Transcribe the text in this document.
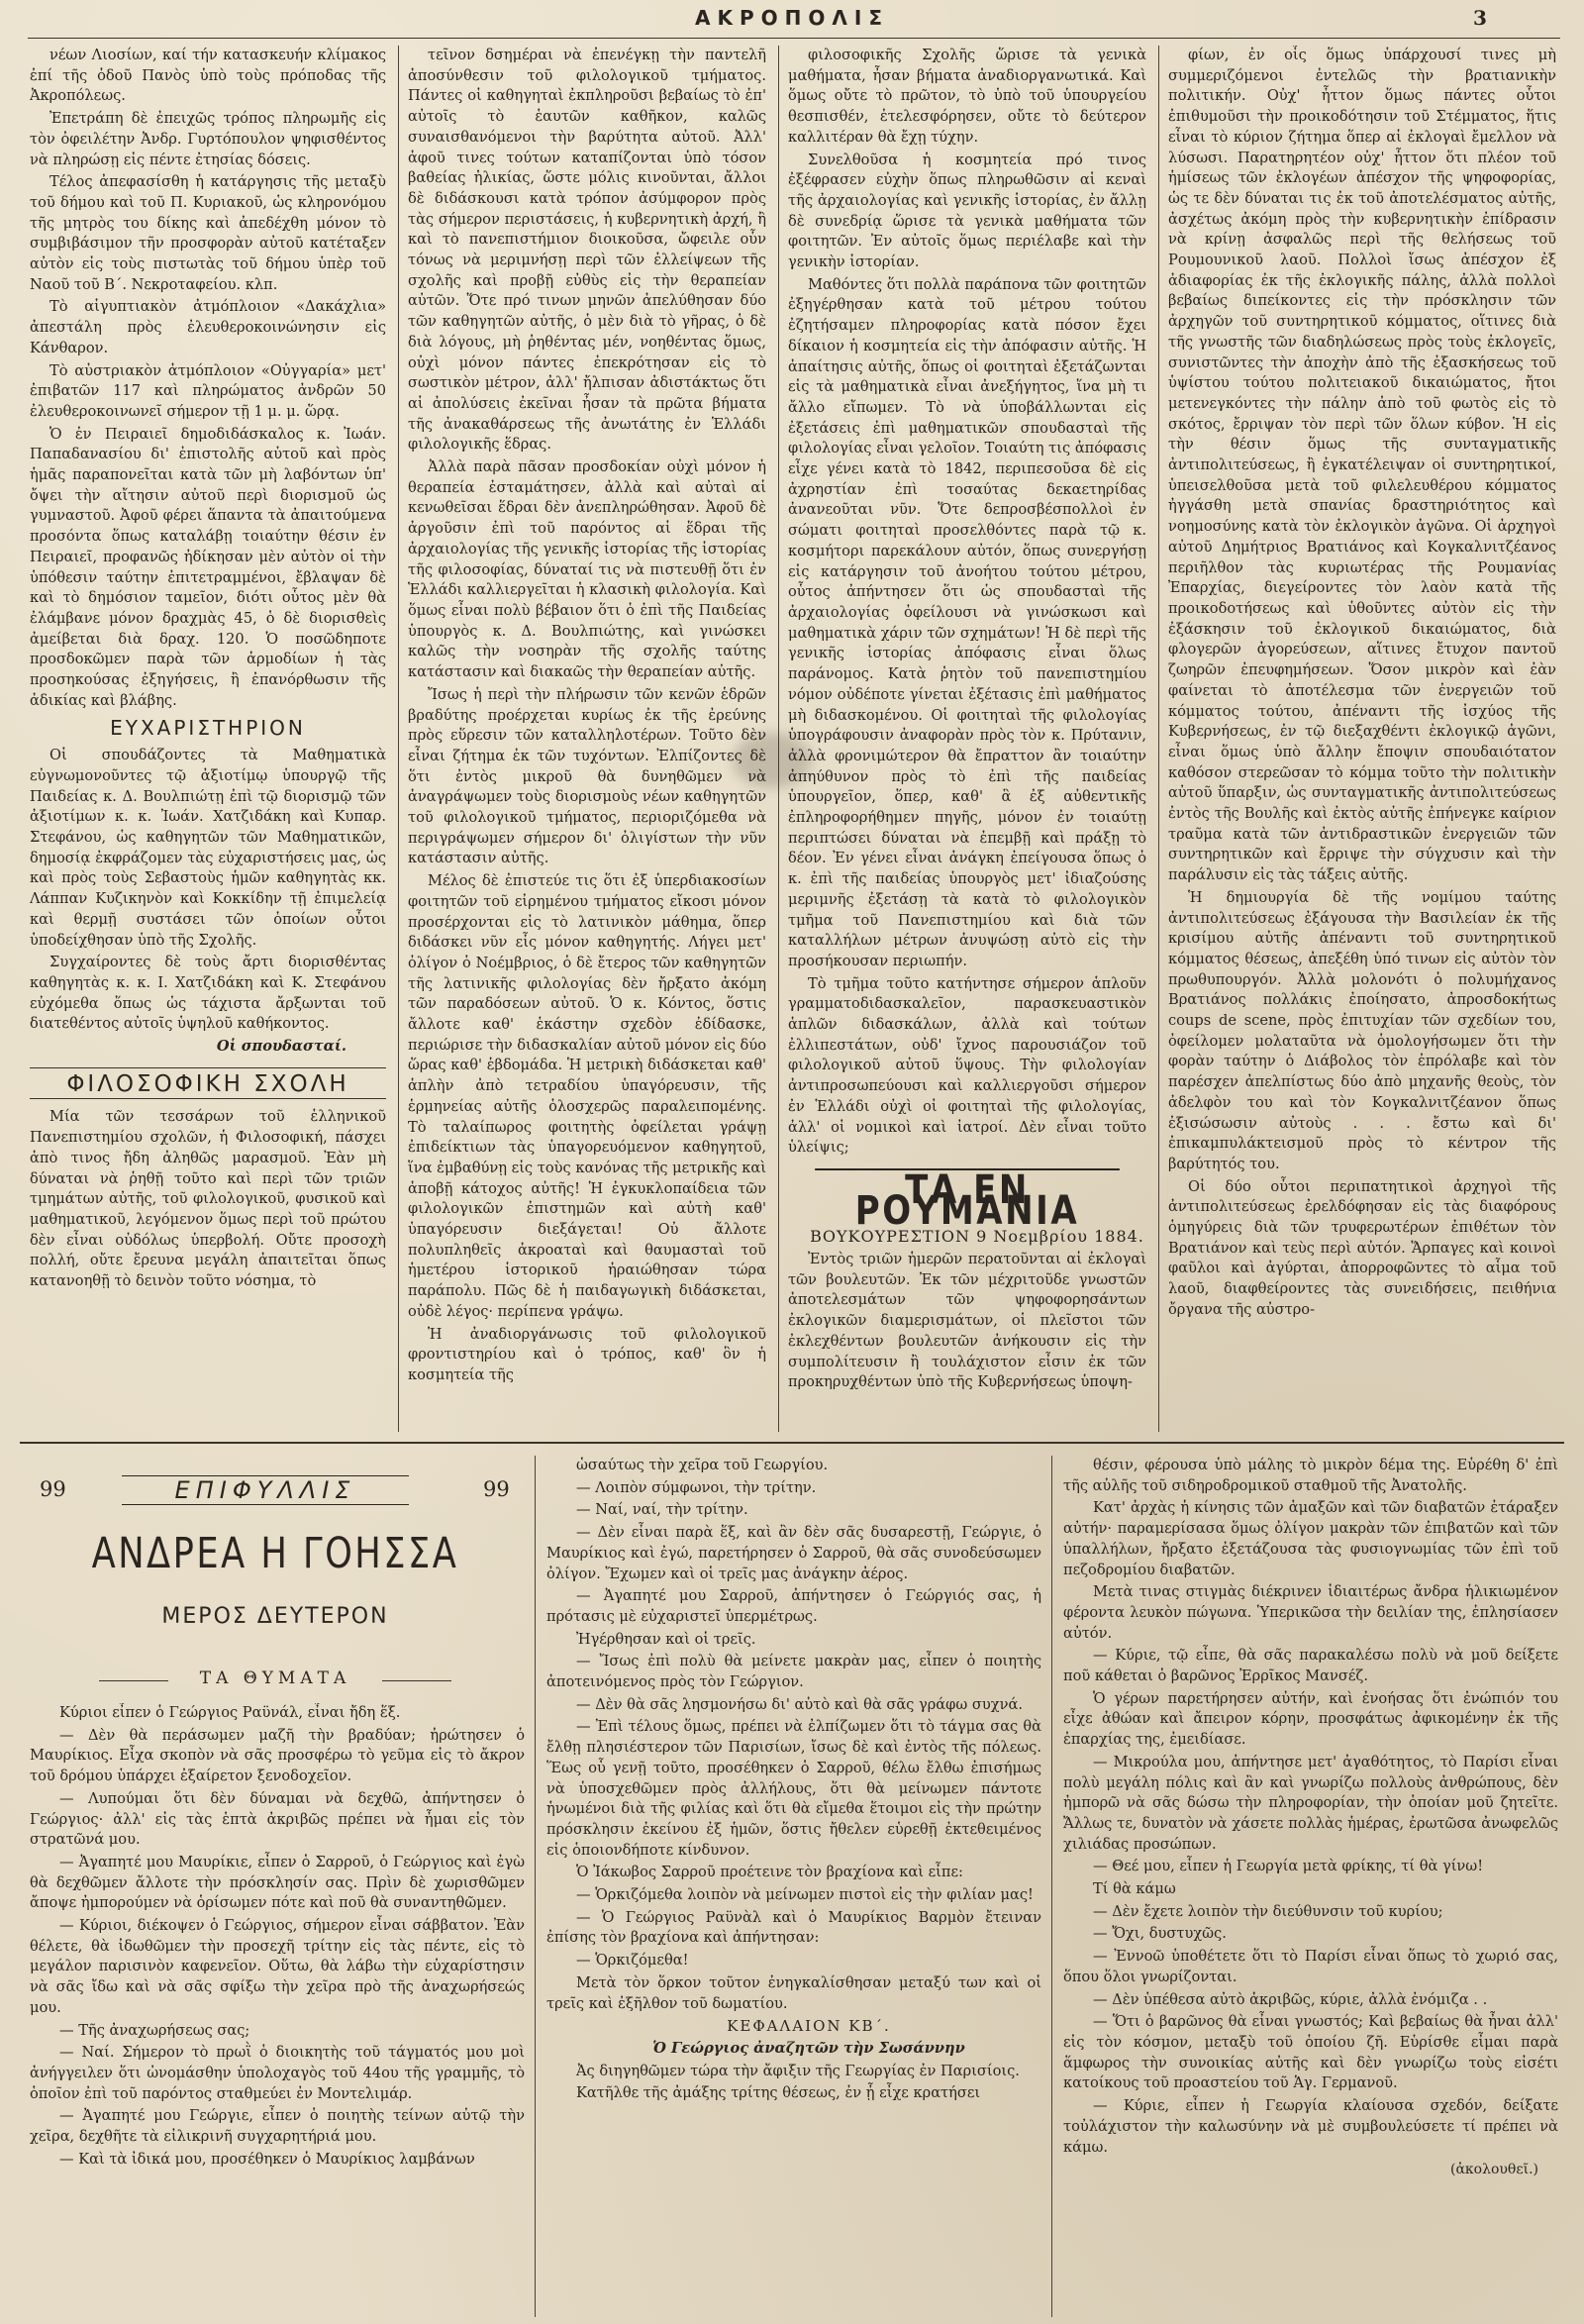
ΑΚΡΟΠΟΛΙΣ	3

νέων Λιοσίων, καί τήν κατασκευήν κλίμακος ἐπί τῆς ὁδοῦ Πανὸς ὑπὸ τοὺς πρόποδας τῆς Ἀκροπόλεως.

Ἐπετράπη δὲ ἐπειχῶς τρόπος πληρωμῆς εἰς τὸν ὀφειλέτην Ἀνδρ. Γυρτόπουλον ψηφισθέντος νὰ πληρώσῃ εἰς πέντε ἐτησίας δόσεις.

Τέλος ἀπεφασίσθη ἡ κατάργησις τῆς μεταξὺ τοῦ δήμου καὶ τοῦ Π. Κυριακοῦ, ὡς κληρονόμου τῆς μητρὸς του δίκης καὶ ἀπεδέχθη μόνον τὸ συμβιβάσιμον τῆν προσφορὰν αὐτοῦ κατέταξεν αὐτὸν εἰς τοὺς πιστωτὰς τοῦ δήμου ὑπὲρ τοῦ Ναοῦ τοῦ Β΄. Νεκροταφείου. κλπ.

Τὸ αἰγυπτιακὸν ἀτμόπλοιον «Δακάχλια» ἀπεστάλη πρὸς ἐλευθεροκοινώνησιν εἰς Κάνθαρον.

Τὸ αὐστριακὸν ἀτμόπλοιον «Οὐγγαρία» μετ' ἐπιβατῶν 117 καὶ πληρώματος ἀνδρῶν 50 ἐλευθεροκοινωνεῖ σήμερον τῇ 1 μ. μ. ὥρᾳ.

Ὁ ἐν Πειραιεῖ δημοδιδάσκαλος κ. Ἰωάν. Παπαδανασίου δι' ἐπιστολῆς αὐτοῦ καὶ πρὸς ἡμᾶς παραπονεῖται κατὰ τῶν μὴ λαβόντων ὑπ' ὄψει τὴν αἴτησιν αὐτοῦ περὶ διορισμοῦ ὡς γυμναστοῦ. Ἀφοῦ φέρει ἅπαντα τὰ ἀπαιτούμενα προσόντα ὅπως καταλάβῃ τοιαύτην θέσιν ἐν Πειραιεῖ, προφανῶς ἠδίκησαν μὲν αὐτὸν οἱ τὴν ὑπόθεσιν ταύτην ἐπιτετραμμένοι, ἔβλαψαν δὲ καὶ τὸ δημόσιον ταμεῖον, διότι οὗτος μὲν θὰ ἐλάμβανε μόνον δραχμὰς 45, ὁ δὲ διορισθεὶς ἀμείβεται διὰ δραχ. 120. Ὁ ποσῶδηποτε προσδοκῶμεν παρὰ τῶν ἁρμοδίων ἡ τὰς προσηκούσας ἐξηγήσεις, ἢ ἐπανόρθωσιν τῆς ἀδικίας καὶ βλάβης.

ΕΥΧΑΡΙΣΤΗΡΙΟΝ

Οἱ σπουδάζοντες τὰ Μαθηματικὰ εὐγνωμονοῦντες τῷ ἀξιοτίμῳ ὑπουργῷ τῆς Παιδείας κ. Δ. Βουλπιώτῃ ἐπὶ τῷ διορισμῷ τῶν ἀξιοτίμων κ. κ. Ἰωάν. Χατζιδάκη καὶ Κυπαρ. Στεφάνου, ὡς καθηγητῶν τῶν Μαθηματικῶν, δημοσίᾳ ἐκφράζομεν τὰς εὐχαριστήσεις μας, ὡς καὶ πρὸς τοὺς Σεβαστοὺς ἡμῶν καθηγητὰς κκ. Λάππαν Κυζικηνὸν καὶ Κοκκίδην τῇ ἐπιμελείᾳ καὶ θερμῇ συστάσει τῶν ὁποίων οὗτοι ὑποδείχθησαν ὑπὸ τῆς Σχολῆς.

Συγχαίροντες δὲ τοὺς ἄρτι διορισθέντας καθηγητὰς κ. κ. Ι. Χατζιδάκη καὶ Κ. Στεφάνου εὐχόμεθα ὅπως ὡς τάχιστα ἄρξωνται τοῦ διατεθέντος αὐτοῖς ὑψηλοῦ καθήκοντος.

Οἱ σπουδασταί.

ΦΙΛΟΣΟΦΙΚΗ ΣΧΟΛΗ

Μία τῶν τεσσάρων τοῦ ἑλληνικοῦ Πανεπιστημίου σχολῶν, ἡ Φιλοσοφική, πάσχει ἀπὸ τινος ἤδη ἀληθῶς μαρασμοῦ. Ἐὰν μὴ δύναται νὰ ῥηθῇ τοῦτο καὶ περὶ τῶν τριῶν τμημάτων αὐτῆς, τοῦ φιλολογικοῦ, φυσικοῦ καὶ μαθηματικοῦ, λεγόμενον ὅμως περὶ τοῦ πρώτου δὲν εἶναι οὐδόλως ὑπερβολή. Οὔτε προσοχὴ πολλή, οὔτε ἔρευνα μεγάλη ἀπαιτεῖται ὅπως κατανοηθῇ τὸ δεινὸν τοῦτο νόσημα, τὸ

τεῖνον δσημέραι νὰ ἐπενέγκῃ τὴν παντελῆ ἀποσύνθεσιν τοῦ φιλολογικοῦ τμήματος. Πάντες οἱ καθηγηταὶ ἐκπληροῦσι βεβαίως τὸ ἐπ' αὐτοῖς τὸ ἑαυτῶν καθῆκον, καλῶς συναισθανόμενοι τὴν βαρύτητα αὐτοῦ. Ἀλλ' ἀφοῦ τινες τούτων καταπίζονται ὑπὸ τόσον βαθείας ἡλικίας, ὥστε μόλις κινοῦνται, ἄλλοι δὲ διδάσκουσι κατὰ τρόπον ἀσύμφορον πρὸς τὰς σήμερον περιστάσεις, ἡ κυβερνητικὴ ἀρχή, ἢ καὶ τὸ πανεπιστήμιον διοικοῦσα, ὤφειλε οὗν τόνως νὰ μεριμνήσῃ περὶ τῶν ἐλλείψεων τῆς σχολῆς καὶ προβῇ εὐθὺς εἰς τὴν θεραπείαν αὐτῶν. Ὅτε πρό τινων μηνῶν ἀπελύθησαν δύο τῶν καθηγητῶν αὐτῆς, ὁ μὲν διὰ τὸ γῆρας, ὁ δὲ διὰ λόγους, μὴ ῥηθέντας μέν, νοηθέντας ὅμως, οὐχὶ μόνον πάντες ἐπεκρότησαν εἰς τὸ σωστικὸν μέτρον, ἀλλ' ἤλπισαν ἀδιστάκτως ὅτι αἱ ἀπολύσεις ἐκεῖναι ἦσαν τὰ πρῶτα βήματα τῆς ἀνακαθάρσεως τῆς ἀνωτάτης ἐν Ἑλλάδι φιλολογικῆς ἕδρας.

Ἀλλὰ παρὰ πᾶσαν προσδοκίαν οὐχὶ μόνον ἡ θεραπεία ἐσταμάτησεν, ἀλλὰ καὶ αὐταὶ αἱ κενωθεῖσαι ἕδραι δὲν ἀνεπληρώθησαν. Ἀφοῦ δὲ ἀργοῦσιν ἐπὶ τοῦ παρόντος αἱ ἕδραι τῆς ἀρχαιολογίας τῆς γενικῆς ἱστορίας τῆς ἱστορίας τῆς φιλοσοφίας, δύναταί τις νὰ πιστευθῇ ὅτι ἐν Ἑλλάδι καλλιεργεῖται ἡ κλασικὴ φιλολογία. Καὶ ὅμως εἶναι πολὺ βέβαιον ὅτι ὁ ἐπὶ τῆς Παιδείας ὑπουργὸς κ. Δ. Βουλπιώτης, καὶ γινώσκει καλῶς τὴν νοσηρὰν τῆς σχολῆς ταύτης κατάστασιν καὶ διακαῶς τὴν θεραπείαν αὐτῆς.

Ἴσως ἡ περὶ τὴν πλήρωσιν τῶν κενῶν ἑδρῶν βραδύτης προέρχεται κυρίως ἐκ τῆς ἐρεύνης πρὸς εὕρεσιν τῶν καταλληλοτέρων. Τοῦτο δὲν εἶναι ζήτημα ἐκ τῶν τυχόντων. Ἐλπίζοντες δὲ ὅτι ἐντὸς μικροῦ θὰ δυνηθῶμεν νὰ ἀναγράψωμεν τοὺς διορισμοὺς νέων καθηγητῶν τοῦ φιλολογικοῦ τμήματος, περιοριζόμεθα νὰ περιγράψωμεν σήμερον δι' ὀλιγίστων τὴν νῦν κατάστασιν αὐτῆς.

Μέλος δὲ ἐπιστεύε τις ὅτι ἐξ ὑπερδιακοσίων φοιτητῶν τοῦ εἰρημένου τμήματος εἴκοσι μόνον προσέρχονται εἰς τὸ λατινικὸν μάθημα, ὅπερ διδάσκει νῦν εἷς μόνον καθηγητής. Λήγει μετ' ὀλίγον ὁ Νοέμβριος, ὁ δὲ ἔτερος τῶν καθηγητῶν τῆς λατινικῆς φιλολογίας δὲν ἤρξατο ἀκόμη τῶν παραδόσεων αὐτοῦ. Ὁ κ. Κόντος, ὅστις ἄλλοτε καθ' ἑκάστην σχεδὸν ἐδίδασκε, περιώρισε τὴν διδασκαλίαν αὐτοῦ μόνον εἰς δύο ὥρας καθ' ἑβδομάδα. Ἡ μετρικὴ διδάσκεται καθ' ἁπλὴν ἀπὸ τετραδίου ὑπαγόρευσιν, τῆς ἑρμηνείας αὐτῆς ὁλοσχερῶς παραλειπομένης. Τὸ ταλαίπωρος φοιτητὴς ὀφείλεται γράψῃ ἐπιδείκτιων τὰς ὑπαγορευόμενον καθηγητοῦ, ἵνα ἐμβαθύνῃ εἰς τοὺς κανόνας τῆς μετρικῆς καὶ ἀποβῇ κάτοχος αὐτῆς! Ἡ ἐγκυκλοπαίδεια τῶν φιλολογικῶν ἐπιστημῶν καὶ αὐτὴ καθ' ὑπαγόρευσιν διεξάγεται! Οὐ ἄλλοτε πολυπληθεῖς ἀκροαταὶ καὶ θαυμασταὶ τοῦ ἡμετέρου ἱστορικοῦ ἠραιώθησαν τώρα παράπολυ. Πῶς δὲ ἡ παιδαγωγικὴ διδάσκεται, οὐδὲ λέγος· περίπενα γράψω.

Ἡ ἀναδιοργάνωσις τοῦ φιλολογικοῦ φροντιστηρίου καὶ ὁ τρόπος, καθ' ὃν ἡ κοσμητεία τῆς

φιλοσοφικῆς Σχολῆς ὥρισε τὰ γενικὰ μαθήματα, ἦσαν βήματα ἀναδιοργανωτικά. Καὶ ὅμως οὔτε τὸ πρῶτον, τὸ ὑπὸ τοῦ ὑπουργείου θεσπισθέν, ἐτελεσφόρησεν, οὔτε τὸ δεύτερον καλλιτέραν θὰ ἔχῃ τύχην.

Συνελθοῦσα ἡ κοσμητεία πρό τινος ἐξέφρασεν εὐχὴν ὅπως πληρωθῶσιν αἱ κεναὶ τῆς ἀρχαιολογίας καὶ γενικῆς ἱστορίας, ἐν ἄλλῃ δὲ συνεδρίᾳ ὥρισε τὰ γενικὰ μαθήματα τῶν φοιτητῶν. Ἐν αὐτοῖς ὅμως περιέλαβε καὶ τὴν γενικὴν ἱστορίαν.

Μαθόντες ὅτι πολλὰ παράπονα τῶν φοιτητῶν ἐξηγέρθησαν κατὰ τοῦ μέτρου τούτου ἐζητήσαμεν πληροφορίας κατὰ πόσον ἔχει δίκαιον ἡ κοσμητεία εἰς τὴν ἀπόφασιν αὐτῆς. Ἡ ἀπαίτησις αὐτῆς, ὅπως οἱ φοιτηταὶ ἐξετάζωνται εἰς τὰ μαθηματικὰ εἶναι ἀνεξήγητος, ἵνα μὴ τι ἄλλο εἴπωμεν. Τὸ νὰ ὑποβάλλωνται εἰς ἐξετάσεις ἐπὶ μαθηματικῶν σπουδασταὶ τῆς φιλολογίας εἶναι γελοῖον. Τοιαύτη τις ἀπόφασις εἶχε γένει κατὰ τὸ 1842, περιπεσοῦσα δὲ εἰς ἀχρηστίαν ἐπὶ τοσαύτας δεκαετηρίδας ἀνανεοῦται νῦν. Ὅτε δεπροσβέσπολλοὶ ἐν σώματι φοιτηταὶ προσελθόντες παρὰ τῷ κ. κοσμήτορι παρεκάλουν αὐτόν, ὅπως συνεργήσῃ εἰς κατάργησιν τοῦ ἀνοήτου τούτου μέτρου, οὗτος ἀπήντησεν ὅτι ὡς σπουδασταὶ τῆς ἀρχαιολογίας ὀφείλουσι νὰ γινώσκωσι καὶ μαθηματικὰ χάριν τῶν σχημάτων! Ἡ δὲ περὶ τῆς γενικῆς ἱστορίας ἀπόφασις εἶναι ὅλως παράνομος. Κατὰ ῥητὸν τοῦ πανεπιστημίου νόμον οὐδέποτε γίνεται ἐξέτασις ἐπὶ μαθήματος μὴ διδασκομένου. Οἱ φοιτηταὶ τῆς φιλολογίας ὑπογράφουσιν ἀναφορὰν πρὸς τὸν κ. Πρύτανιν, ἀλλὰ φρονιμώτερον θὰ ἔπραττον ἂν τοιαύτην ἀπηύθυνον πρὸς τὸ ἐπὶ τῆς παιδείας ὑπουργεῖον, ὅπερ, καθ' ἃ ἐξ αὐθεντικῆς ἐπληροφορήθημεν πηγῆς, μόνον ἐν τοιαύτῃ περιπτώσει δύναται νὰ ἐπεμβῇ καὶ πράξῃ τὸ δέον. Ἐν γένει εἶναι ἀνάγκη ἐπείγουσα ὅπως ὁ κ. ἐπὶ τῆς παιδείας ὑπουργὸς μετ' ἰδιαζούσης μεριμνῆς ἐξετάσῃ τὰ κατὰ τὸ φιλολογικὸν τμῆμα τοῦ Πανεπιστημίου καὶ διὰ τῶν καταλλήλων μέτρων ἀνυψώσῃ αὐτὸ εἰς τὴν προσήκουσαν περιωπήν.

Τὸ τμῆμα τοῦτο κατήντησε σήμερον ἁπλοῦν γραμματοδιδασκαλεῖον, παρασκευαστικὸν ἁπλῶν διδασκάλων, ἀλλὰ καὶ τούτων ἐλλιπεστάτων, οὐδ' ἴχνος παρουσιάζον τοῦ φιλολογικοῦ αὐτοῦ ὕψους. Τὴν φιλολογίαν ἀντιπροσωπεύουσι καὶ καλλιεργοῦσι σήμερον ἐν Ἑλλάδι οὐχὶ οἱ φοιτηταὶ τῆς φιλολογίας, ἀλλ' οἱ νομικοὶ καὶ ἰατροί. Δὲν εἶναι τοῦτο ὑλείψις;

ΤΑ ΕΝ ΡΟΥΜΑΝΙΑ

ΒΟΥΚΟΥΡΕΣΤΙΟΝ 9 Νοεμβρίου 1884.

Ἐντὸς τριῶν ἡμερῶν περατοῦνται αἱ ἐκλογαὶ τῶν βουλευτῶν. Ἐκ τῶν μέχριτοῦδε γνωστῶν ἀποτελεσμάτων τῶν ψηφοφορησάντων ἐκλογικῶν διαμερισμάτων, οἱ πλεῖστοι τῶν ἐκλεχθέντων βουλευτῶν ἀνήκουσιν εἰς τὴν συμπολίτευσιν ἢ τουλάχιστον εἶσιν ἐκ τῶν προκηρυχθέντων ὑπὸ τῆς Κυβερνήσεως ὑποψη-

φίων, ἐν οἷς ὅμως ὑπάρχουσί τινες μὴ συμμεριζόμενοι ἐντελῶς τὴν βρατιανικὴν πολιτικήν. Οὐχ' ἧττον ὅμως πάντες οὗτοι ἐπιθυμοῦσι τὴν προικοδότησιν τοῦ Στέμματος, ἥτις εἶναι τὸ κύριον ζήτημα ὅπερ αἱ ἐκλογαὶ ἔμελλον νὰ λύσωσι. Παρατηρητέον οὐχ' ἧττον ὅτι πλέον τοῦ ἡμίσεως τῶν ἐκλογέων ἀπέσχον τῆς ψηφοφορίας, ὡς τε δὲν δύναται τις ἐκ τοῦ ἀποτελέσματος αὐτῆς, ἀσχέτως ἀκόμη πρὸς τὴν κυβερνητικὴν ἐπίδρασιν νὰ κρίνῃ ἀσφαλῶς περὶ τῆς θελήσεως τοῦ Ρουμουνικοῦ λαοῦ. Πολλοὶ ἴσως ἀπέσχον ἐξ ἀδιαφορίας ἐκ τῆς ἐκλογικῆς πάλης, ἀλλὰ πολλοὶ βεβαίως διπείκοντες εἰς τὴν πρόσκλησιν τῶν ἀρχηγῶν τοῦ συντηρητικοῦ κόμματος, οἵτινες διὰ τῆς γνωστῆς τῶν διαδηλώσεως πρὸς τοὺς ἐκλογεῖς, συνιστῶντες τὴν ἀποχὴν ἀπὸ τῆς ἐξασκήσεως τοῦ ὑψίστου τούτου πολιτειακοῦ δικαιώματος, ἤτοι μετενεγκόντες τὴν πάλην ἀπὸ τοῦ φωτὸς εἰς τὸ σκότος, ἔρριψαν τὸν περὶ τῶν ὅλων κύβον. Ἡ εἰς τὴν θέσιν ὅμως τῆς συνταγματικῆς ἀντιπολιτεύσεως, ἢ ἐγκατέλειψαν οἱ συντηρητικοί, ὑπεισελθοῦσα μετὰ τοῦ φιλελευθέρου κόμματος ἠγγάσθη μετὰ σπανίας δραστηριότητος καὶ νοημοσύνης κατὰ τὸν ἐκλογικὸν ἀγῶνα. Οἱ ἀρχηγοὶ αὐτοῦ Δημήτριος Βρατιάνος καὶ Κογκαλνιτζέανος περιῆλθον τὰς κυριωτέρας τῆς Ρουμανίας Ἐπαρχίας, διεγείροντες τὸν λαὸν κατὰ τῆς προικοδοτήσεως καὶ ὑθοῦντες αὐτὸν εἰς τὴν ἐξάσκησιν τοῦ ἐκλογικοῦ δικαιώματος, διὰ φλογερῶν ἀγορεύσεων, αἵτινες ἔτυχον παντοῦ ζωηρῶν ἐπευφημήσεων. Ὅσον μικρὸν καὶ ἐὰν φαίνεται τὸ ἀποτέλεσμα τῶν ἐνεργειῶν τοῦ κόμματος τούτου, ἀπέναντι τῆς ἰσχύος τῆς Κυβερνήσεως, ἐν τῷ διεξαχθέντι ἐκλογικῷ ἀγῶνι, εἶναι ὅμως ὑπὸ ἄλλην ἔποψιν σπουδαιότατον καθόσον στερεῶσαν τὸ κόμμα τοῦτο τὴν πολιτικὴν αὐτοῦ ὕπαρξιν, ὡς συνταγματικῆς ἀντιπολιτεύσεως ἐντὸς τῆς Βουλῆς καὶ ἐκτὸς αὐτῆς ἐπήνεγκε καίριον τραῦμα κατὰ τῶν ἀντιδραστικῶν ἐνεργειῶν τῶν συντηρητικῶν καὶ ἔρριψε τὴν σύγχυσιν καὶ τὴν παράλυσιν εἰς τὰς τάξεις αὐτῆς.

Ἡ δημιουργία δὲ τῆς νομίμου ταύτης ἀντιπολιτεύσεως ἐξάγουσα τὴν Βασιλείαν ἐκ τῆς κρισίμου αὐτῆς ἀπέναντι τοῦ συντηρητικοῦ κόμματος θέσεως, ἀπεξέθη ὑπό τινων εἰς αὐτὸν τὸν πρωθυπουργόν. Ἀλλὰ μολονότι ὁ πολυμήχανος Βρατιάνος πολλάκις ἐποίησατο, ἀπροσδοκήτως coups de scene, πρὸς ἐπιτυχίαν τῶν σχεδίων του, ὀφείλομεν μολαταῦτα νὰ ὁμολογήσωμεν ὅτι τὴν φορὰν ταύτην ὁ Διάβολος τὸν ἐπρόλαβε καὶ τὸν παρέσχεν ἀπελπίστως δύο ἀπὸ μηχανῆς θεοὺς, τὸν ἀδελφὸν του καὶ τὸν Κογκαλνιτζέανον ὅπως ἐξισώσωσιν αὐτοὺς . . . ἔστω καὶ δι' ἐπικαμπυλάκτεισμοῦ πρὸς τὸ κέντρον τῆς βαρύτητός του.

Οἱ δύο οὗτοι περιπατητικοὶ ἀρχηγοὶ τῆς ἀντιπολιτεύσεως ἐρελδόφησαν εἰς τὰς διαφόρους ὁμηγύρεις διὰ τῶν τρυφερωτέρων ἐπιθέτων τὸν Βρατιάνον καὶ τεὺς περὶ αὐτόν. Ἅρπαγες καὶ κοινοὶ φαῦλοι καὶ ἀγύρται, ἀπορροφῶντες τὸ αἷμα τοῦ λαοῦ, διαφθείροντες τὰς συνειδήσεις, πειθήνια ὄργανα τῆς αὐστρο-

99	ΕΠΙΦΥΛΛΙΣ	99
ΑΝΔΡΕΑ Η ΓΟΗΣΣΑ
ΜΕΡΟΣ ΔΕΥΤΕΡΟΝ
ΤΑ ΘΥΜΑΤΑ

Κύριοι εἶπεν ὁ Γεώργιος Ραϋνάλ, εἶναι ἤδη ἕξ.

— Δὲν θὰ περάσωμεν μαζῆ τὴν βραδύαν; ἠρώτησεν ὁ Μαυρίκιος. Εἶχα σκοπὸν νὰ σᾶς προσφέρω τὸ γεῦμα εἰς τὸ ἄκρον τοῦ δρόμου ὑπάρχει ἐξαίρετον ξενοδοχεῖον.

— Λυπούμαι ὅτι δὲν δύναμαι νὰ δεχθῶ, ἀπήντησεν ὁ Γεώργιος· ἀλλ' εἰς τὰς ἑπτὰ ἀκριβῶς πρέπει νὰ ἦμαι εἰς τὸν στρατῶνά μου.

— Ἀγαπητέ μου Μαυρίκιε, εἶπεν ὁ Σαρροῦ, ὁ Γεώργιος καὶ ἐγὼ θὰ δεχθῶμεν ἄλλοτε τὴν πρόσκλησίν σας. Πρὶν δὲ χωρισθῶμεν ἄποψε ἠμπορούμεν νὰ ὁρίσωμεν πότε καὶ ποῦ θὰ συναντηθῶμεν.

— Κύριοι, διέκοψεν ὁ Γεώργιος, σήμερον εἶναι σάββατον. Ἐὰν θέλετε, θὰ ἰδωθῶμεν τὴν προσεχῆ τρίτην εἰς τὰς πέντε, εἰς τὸ μεγάλον παρισινὸν καφενεῖον. Οὕτω, θὰ λάβω τὴν εὐχαρίστησιν νὰ σᾶς ἴδω καὶ νὰ σᾶς σφίξω τὴν χεῖρα πρὸ τῆς ἀναχωρήσεώς μου.

— Τῆς ἀναχωρήσεως σας;

— Ναί. Σήμερον τὸ πρωῒ ὁ διοικητὴς τοῦ τάγματός μου μοὶ ἀνήγγειλεν ὅτι ὠνομάσθην ὑπολοχαγὸς τοῦ 44ου τῆς γραμμῆς, τὸ ὁποῖον ἐπὶ τοῦ παρόντος σταθμεύει ἐν Μοντελιμάρ.

— Ἀγαπητέ μου Γεώργιε, εἶπεν ὁ ποιητὴς τείνων αὐτῷ τὴν χεῖρα, δεχθῆτε τὰ εἰλικρινῆ συγχαρητήριά μου.

— Καὶ τὰ ἰδικά μου, προσέθηκεν ὁ Μαυρίκιος λαμβάνων

ὡσαύτως τὴν χεῖρα τοῦ Γεωργίου.

— Λοιπὸν σύμφωνοι, τὴν τρίτην.

— Ναί, ναί, τὴν τρίτην.

— Δὲν εἶναι παρὰ ἕξ, καὶ ἂν δὲν σᾶς δυσαρεστῇ, Γεώργιε, ὁ Μαυρίκιος καὶ ἐγώ, παρετήρησεν ὁ Σαρροῦ, θὰ σᾶς συνοδεύσωμεν ὀλίγον. Ἔχωμεν καὶ οἱ τρεῖς μας ἀνάγκην ἀέρος.

— Ἀγαπητέ μου Σαρροῦ, ἀπήντησεν ὁ Γεώργιός σας, ἡ πρότασις μὲ εὐχαριστεῖ ὑπερμέτρως.

Ἠγέρθησαν καὶ οἱ τρεῖς.

— Ἴσως ἐπὶ πολὺ θὰ μείνετε μακρὰν μας, εἶπεν ὁ ποιητὴς ἀποτεινόμενος πρὸς τὸν Γεώργιον.

— Δὲν θὰ σᾶς λησμονήσω δι' αὐτὸ καὶ θὰ σᾶς γράφω συχνά.

— Ἐπὶ τέλους ὅμως, πρέπει νὰ ἐλπίζωμεν ὅτι τὸ τάγμα σας θὰ ἔλθῃ πλησιέστερον τῶν Παρισίων, ἴσως δὲ καὶ ἐντὸς τῆς πόλεως. Ἕως οὗ γενῇ τοῦτο, προσέθηκεν ὁ Σαρροῦ, θέλω ἔλθω ἐπισήμως νὰ ὑποσχεθῶμεν πρὸς ἀλλήλους, ὅτι θὰ μείνωμεν πάντοτε ἡνωμένοι διὰ τῆς φιλίας καὶ ὅτι θὰ εἴμεθα ἕτοιμοι εἰς τὴν πρώτην πρόσκλησιν ἐκείνου ἐξ ἡμῶν, ὅστις ἤθελεν εὑρεθῇ ἐκτεθειμένος εἰς ὁποιονδήποτε κίνδυνον.

Ὁ Ἰάκωβος Σαρροῦ προέτεινε τὸν βραχίονα καὶ εἶπε:

— Ὁρκιζόμεθα λοιπὸν νὰ μείνωμεν πιστοὶ εἰς τὴν φιλίαν μας!

— Ὁ Γεώργιος Ραϋνὰλ καὶ ὁ Μαυρίκιος Βαρμὸν ἔτειναν ἐπίσης τὸν βραχίονα καὶ ἀπήντησαν:

— Ὁρκιζόμεθα!

Μετὰ τὸν ὅρκον τοῦτον ἐνηγκαλίσθησαν μεταξύ των καὶ οἱ τρεῖς καὶ ἐξῆλθον τοῦ δωματίου.

ΚΕΦΑΛΑΙΟΝ ΚΒ΄.

Ὁ Γεώργιος ἀναζητῶν τὴν Σωσάννην

Ἀς διηγηθῶμεν τώρα τὴν ἄφιξιν τῆς Γεωργίας ἐν Παρισίοις.

Κατῆλθε τῆς ἀμάξης τρίτης θέσεως, ἐν ᾗ εἶχε κρατήσει

θέσιν, φέρουσα ὑπὸ μάλης τὸ μικρὸν δέμα της. Εὑρέθη δ' ἐπὶ τῆς αὐλῆς τοῦ σιδηροδρομικοῦ σταθμοῦ τῆς Ἀνατολῆς.

Κατ' ἀρχὰς ἡ κίνησις τῶν ἁμαξῶν καὶ τῶν διαβατῶν ἐτάραξεν αὐτήν· παραμερίσασα ὅμως ὀλίγον μακρὰν τῶν ἐπιβατῶν καὶ τῶν ὑπαλλήλων, ἤρξατο ἐξετάζουσα τὰς φυσιογνωμίας τῶν ἐπὶ τοῦ πεζοδρομίου διαβατῶν.

Μετὰ τινας στιγμὰς διέκρινεν ἰδιαιτέρως ἄνδρα ἡλικιωμένον φέροντα λευκὸν πώγωνα. Ὑπερικῶσα τὴν δειλίαν της, ἐπλησίασεν αὐτόν.

— Κύριε, τῷ εἶπε, θὰ σᾶς παρακαλέσω πολὺ νὰ μοῦ δείξετε ποῦ κάθεται ὁ βαρῶνος Ἐρρῖκος Μανσέζ.

Ὁ γέρων παρετήρησεν αὐτήν, καὶ ἐνοήσας ὅτι ἐνώπιόν του εἶχε ἀθώαν καὶ ἄπειρον κόρην, προσφάτως ἀφικομένην ἐκ τῆς ἐπαρχίας της, ἐμειδίασε.

— Μικρούλα μου, ἀπήντησε μετ' ἀγαθότητος, τὸ Παρίσι εἶναι πολὺ μεγάλη πόλις καὶ ἂν καὶ γνωρίζω πολλοὺς ἀνθρώπους, δὲν ἠμπορῶ νὰ σᾶς δώσω τὴν πληροφορίαν, τὴν ὁποίαν μοῦ ζητεῖτε. Ἄλλως τε, δυνατὸν νὰ χάσετε πολλὰς ἡμέρας, ἐρωτῶσα ἀνωφελῶς χιλιάδας προσώπων.

— Θεέ μου, εἶπεν ἡ Γεωργία μετὰ φρίκης, τί θὰ γίνω!

Τί θὰ κάμω

— Δὲν ἔχετε λοιπὸν τὴν διεύθυνσιν τοῦ κυρίου;

— Ὄχι, δυστυχῶς.

— Ἐννοῶ ὑποθέτετε ὅτι τὸ Παρίσι εἶναι ὅπως τὸ χωριό σας, ὅπου ὅλοι γνωρίζονται.

— Δὲν ὑπέθεσα αὐτὸ ἀκριβῶς, κύριε, ἀλλὰ ἐνόμιζα . .

— Ὅτι ὁ βαρῶνος θὰ εἶναι γνωστός; Καὶ βεβαίως θὰ ἦναι ἀλλ' εἰς τὸν κόσμον, μεταξὺ τοῦ ὁποίου ζῆ. Εὑρίσθε εἶμαι παρὰ ἅμφωρος τὴν συνοικίας αὐτῆς καὶ δὲν γνωρίζω τοὺς εἰσέτι κατοίκους τοῦ προαστείου τοῦ Ἁγ. Γερμανοῦ.

— Κύριε, εἶπεν ἡ Γεωργία κλαίουσα σχεδόν, δείξατε τοὐλάχιστον τὴν καλωσύνην νὰ μὲ συμβουλεύσετε τί πρέπει νὰ κάμω.

(ἀκολουθεῖ.)
